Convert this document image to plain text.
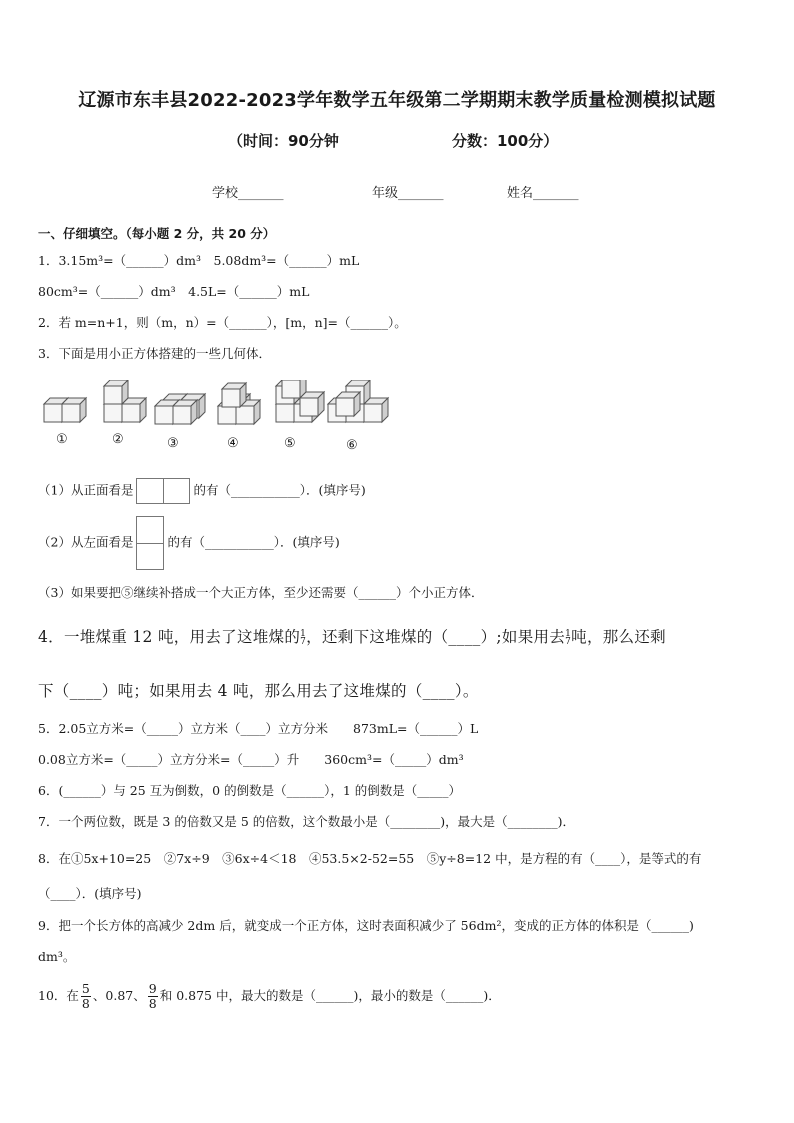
辽源市东丰县2022-2023学年数学五年级第二学期期末教学质量检测模拟试题
（时间：90分钟	分数：100分）
学校_______	年级_______	姓名_______
一、仔细填空。（每小题 2 分，共 20 分）
1．3.15m³=（______）dm³　5.08dm³=（______）mL
80cm³=（______）dm³　4.5L=（______）mL
2．若 m=n+1，则（m，n）=（______），[m，n]=（______）。
3．下面是用小正方体搭建的一些几何体．
①	②	③	④	⑤	⑥
（1）从正面看是	的有（___________）．(填序号)
（2）从左面看是	的有（___________）．(填序号)
（3）如果要把⑤继续补搭成一个大正方体，至少还需要（______）个小正方体．
4．一堆煤重 12 吨，用去了这堆煤的1
7，还剩下这堆煤的（____）;如果用去1
7吨，那么还剩
下（____）吨；如果用去 4 吨，那么用去了这堆煤的（____）。
5．2.05立方米=（_____）立方米（____）立方分米　　873mL=（______）L
0.08立方米=（_____）立方分米=（_____）升　　360cm³=（_____）dm³
6．(______）与 25 互为倒数，0 的倒数是（______），1 的倒数是（_____）
7．一个两位数，既是 3 的倍数又是 5 的倍数，这个数最小是（________)，最大是（________)．
8．在①5x+10=25　②7x÷9　③6x÷4＜18　④53.5×2-52=55　⑤y÷8=12 中，是方程的有（____），是等式的有
（____）．(填序号)
9．把一个长方体的高减少 2dm 后，就变成一个正方体，这时表面积减少了 56dm²，变成的正方体的体积是（______)
dm³。
10．在 $\frac{5}{8}$ 、0.87、 $\frac{9}{8}$ 和 0.875 中，最大的数是（______)，最小的数是（______)．
